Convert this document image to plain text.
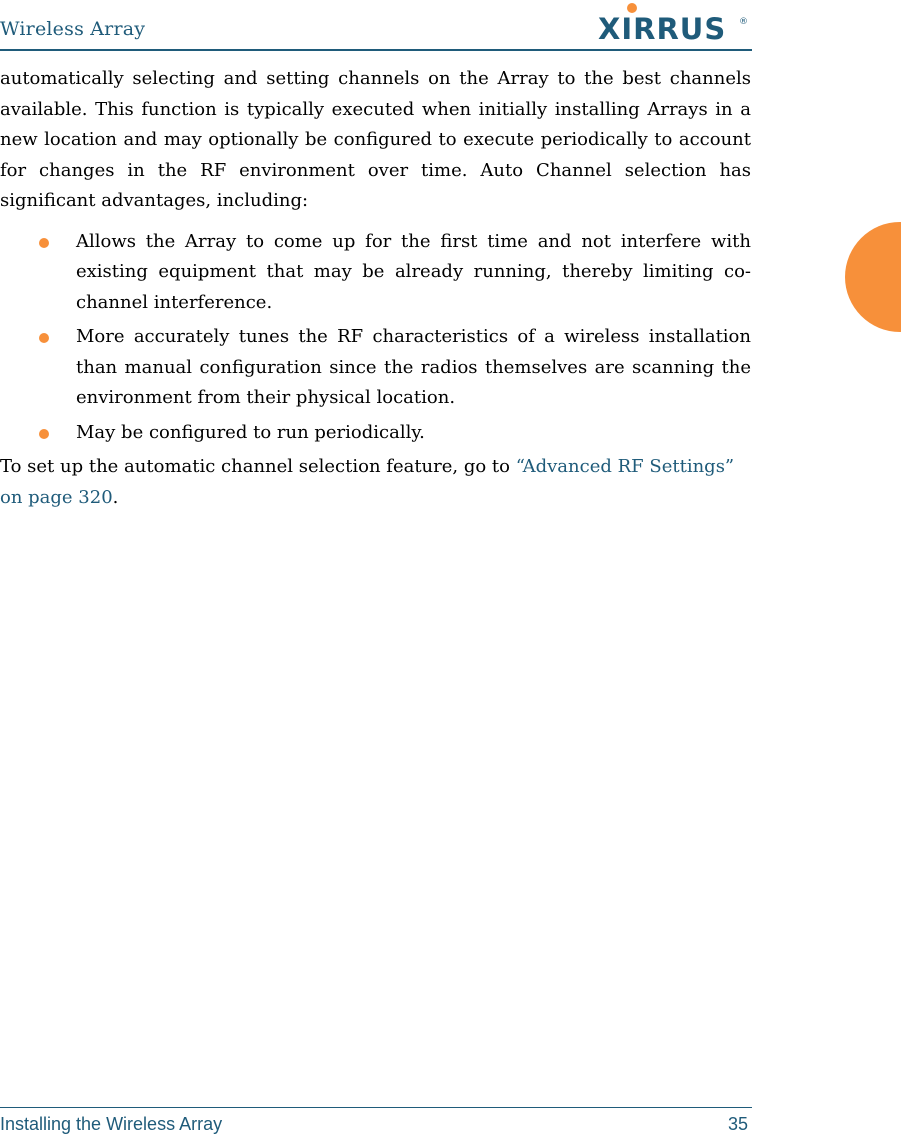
Wireless Array	XIRRUS ®

automatically selecting and setting channels on the Array to the best channels available. This function is typically executed when initially installing Arrays in a new location and may optionally be configured to execute periodically to account for changes in the RF environment over time. Auto Channel selection has significant advantages, including:

Allows the Array to come up for the first time and not interfere with existing equipment that may be already running, thereby limiting co-channel interference.
More accurately tunes the RF characteristics of a wireless installation than manual configuration since the radios themselves are scanning the environment from their physical location.
May be configured to run periodically.

To set up the automatic channel selection feature, go to “Advanced RF Settings” on page 320.

Installing the Wireless Array	35
